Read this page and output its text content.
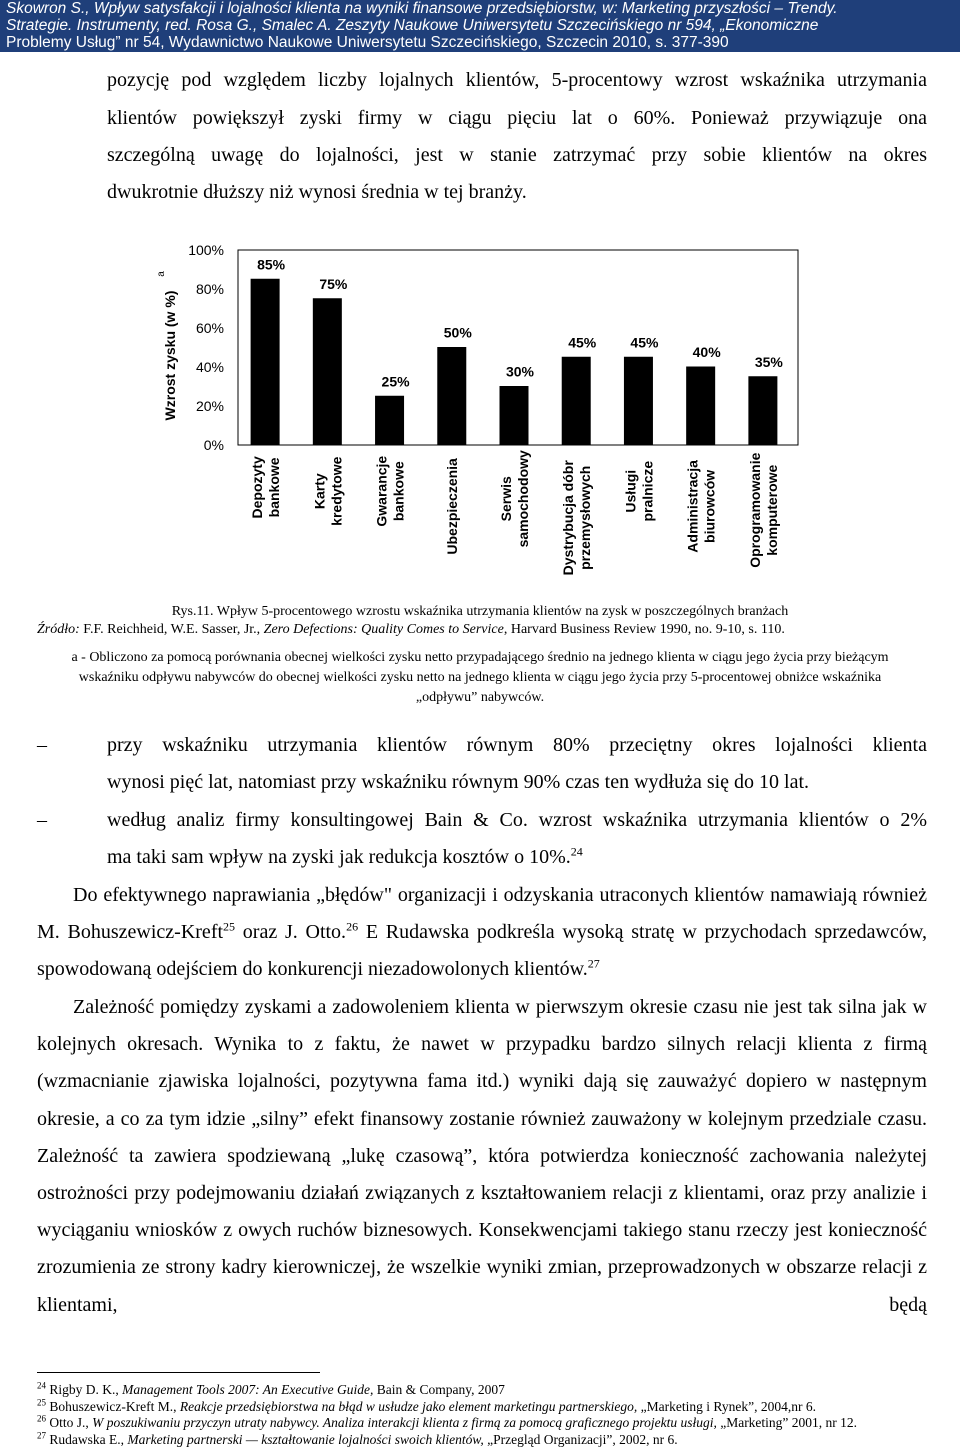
Skowron S., Wpływ satysfakcji i lojalności klienta na wyniki finansowe przedsiębiorstw, w: Marketing przyszłości – Trendy.
Strategie. Instrumenty, red. Rosa G., Smalec A. Zeszyty Naukowe Uniwersytetu Szczecińskiego nr 594, „Ekonomiczne
Problemy Usług” nr 54, Wydawnictwo Naukowe Uniwersytetu Szczecińskiego, Szczecin 2010, s. 377-390
pozycję pod względem liczby lojalnych klientów, 5-procentowy wzrost wskaźnika utrzymania
klientów powiększył zyski firmy w ciągu pięciu lat o 60%. Ponieważ przywiązuje ona
szczególną uwagę do lojalności, jest w stanie zatrzymać przy sobie klientów na okres
dwukrotnie dłuższy niż wynosi średnia w tej branży.
0%
20%
40%
60%
80%
100%
Wzrost zysku (w %)
a
85%
Depozytybankowe
75%
Kartykredytowe
25%
Gwarancjebankowe
50%
Ubezpieczenia
30%
Serwissamochodowy
45%
Dystrybucja dóbrprzemysłowych
45%
Usługipralnicze
40%
Administracjabiurowców
35%
Oprogramowaniekomputerowe
Rys.11. Wpływ 5-procentowego wzrostu wskaźnika utrzymania klientów na zysk w poszczególnych branżach
Źródło: F.F. Reichheid, W.E. Sasser, Jr., Zero Defections: Quality Comes to Service, Harvard Business Review 1990, no. 9-10, s. 110.
a - Obliczono za pomocą porównania obecnej wielkości zysku netto przypadającego średnio na jednego klienta w ciągu jego życia przy bieżącym wskaźniku odpływu nabywców do obecnej wielkości zysku netto na jednego klienta w ciągu jego życia przy 5-procentowej obniżce wskaźnika „odpływu” nabywców.
–	przy wskaźniku utrzymania klientów równym 80% przeciętny okres lojalności klienta
wynosi pięć lat, natomiast przy wskaźniku równym 90% czas ten wydłuża się do 10 lat.
–	według analiz firmy konsultingowej Bain & Co. wzrost wskaźnika utrzymania klientów o 2%
ma taki sam wpływ na zyski jak redukcja kosztów o 10%.$^{24}$
Do efektywnego naprawiania „błędów" organizacji i odzyskania utraconych klientów namawiają również M. Bohuszewicz-Kreft$^{25}$ oraz J. Otto.$^{26}$ E Rudawska podkreśla wysoką stratę w przychodach sprzedawców, spowodowaną odejściem do konkurencji niezadowolonych klientów.$^{27}$
Zależność pomiędzy zyskami a zadowoleniem klienta w pierwszym okresie czasu nie jest tak silna jak w kolejnych okresach. Wynika to z faktu, że nawet w przypadku bardzo silnych relacji klienta z firmą (wzmacnianie zjawiska lojalności, pozytywna fama itd.) wyniki dają się zauważyć dopiero w następnym okresie, a co za tym idzie „silny” efekt finansowy zostanie również zauważony w kolejnym przedziale czasu. Zależność ta zawiera spodziewaną „lukę czasową”, która potwierdza konieczność zachowania należytej ostrożności przy podejmowaniu działań związanych z kształtowaniem relacji z klientami, oraz przy analizie i wyciąganiu wniosków z owych ruchów biznesowych. Konsekwencjami takiego stanu rzeczy jest konieczność zrozumienia ze strony kadry kierowniczej, że wszelkie wyniki zmian, przeprowadzonych w obszarze relacji z klientami, będą
$^{24}$ Rigby D. K., Management Tools 2007: An Executive Guide, Bain & Company, 2007
$^{25}$ Bohuszewicz-Kreft M., Reakcje przedsiębiorstwa na błąd w usłudze jako element marketingu partnerskiego, „Marketing i Rynek”, 2004,nr 6.
$^{26}$ Otto J., W poszukiwaniu przyczyn utraty nabywcy. Analiza interakcji klienta z firmą za pomocą graficznego projektu usługi, „Marketing” 2001, nr 12.
$^{27}$ Rudawska E., Marketing partnerski — kształtowanie lojalności swoich klientów, „Przegląd Organizacji”, 2002, nr 6.
